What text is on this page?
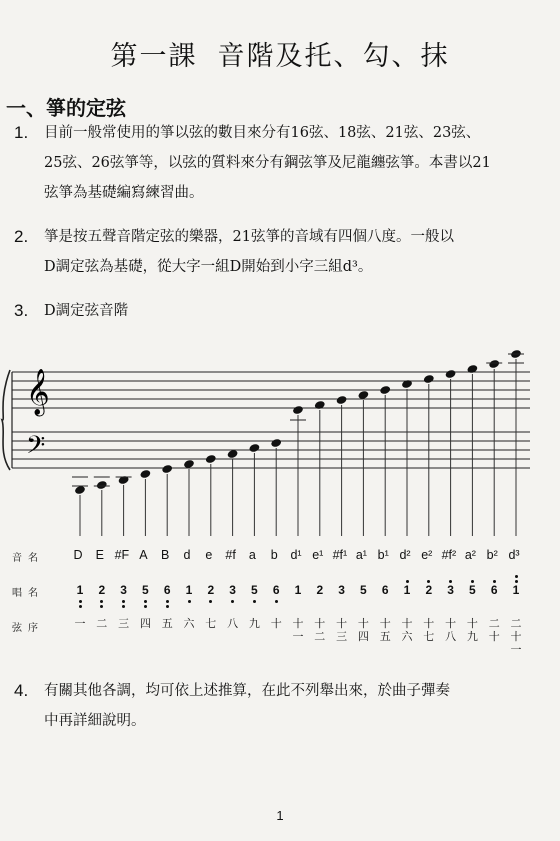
第一課 音階及托、勾、抹
一、箏的定弦
1. 目前一般常使用的箏以弦的數目來分有16弦、18弦、21弦、23弦、
25弦、26弦箏等，以弦的質料來分有鋼弦箏及尼龍纏弦箏。本書以21
弦箏為基礎編寫練習曲。
2. 箏是按五聲音階定弦的樂器，21弦箏的音域有四個八度。一般以
D調定弦為基礎，從大字一組D開始到小字三組d³。
3. D調定弦音階
𝄞
𝄢
音名
唱名
弦序
D
1
一
E
2
二
#F
3
三
A
5
四
B
6
五
d
1
六
e
2
七
#f
3
八
a
5
九
b
6
十
d¹
1
十
一
e¹
2
十
二
#f¹
3
十
三
a¹
5
十
四
b¹
6
十
五
d²
1
十
六
e²
2
十
七
#f²
3
十
八
a²
5
十
九
b²
6
二
十
d³
1
二
十
一
4. 有關其他各調，均可依上述推算，在此不列舉出來，於曲子彈奏
中再詳細說明。
1
